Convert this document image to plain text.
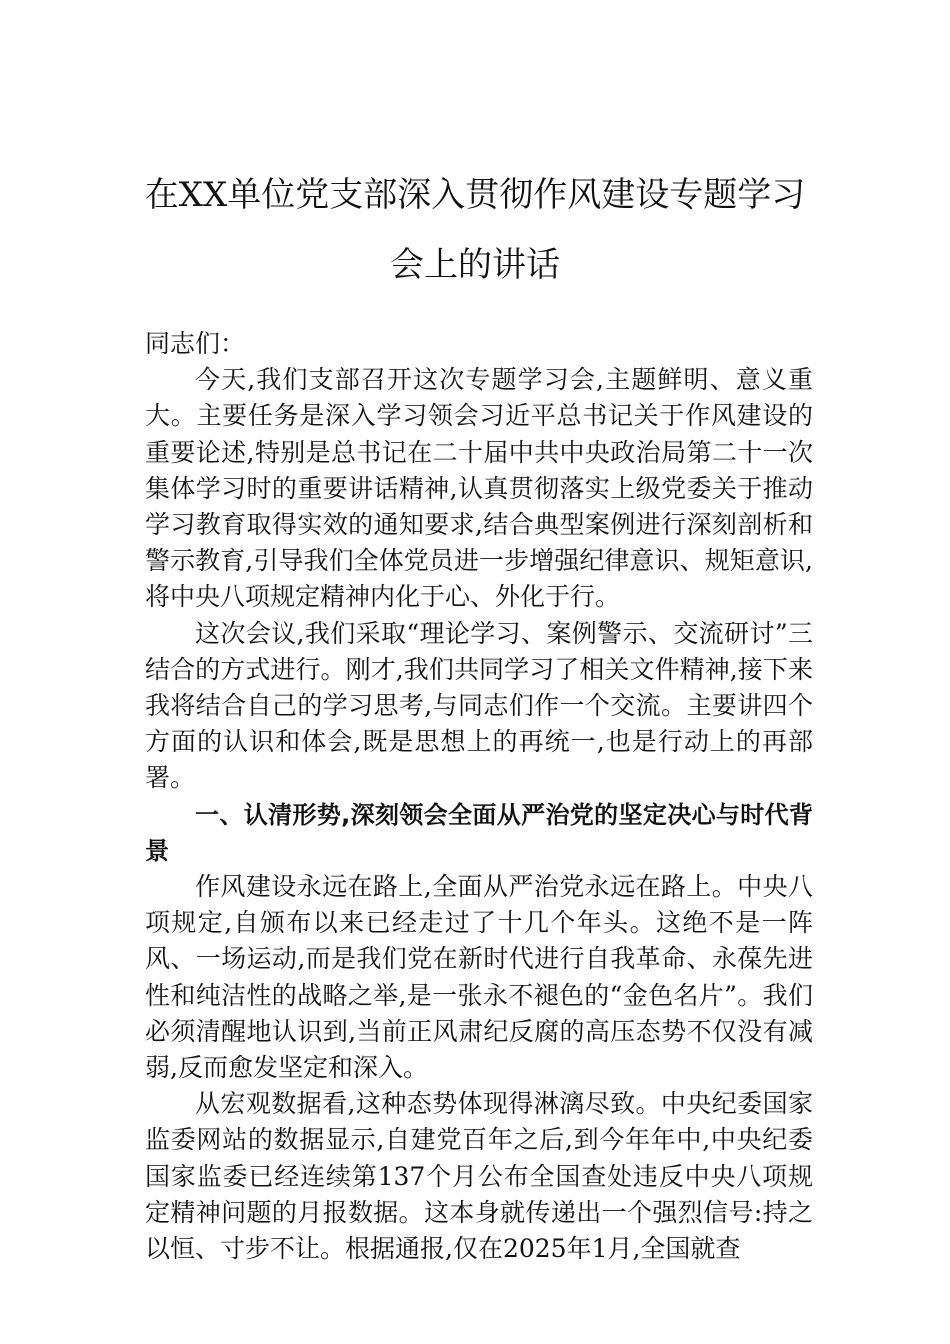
在XX单位党支部深入贯彻作风建设专题学习会上的讲话

同志们：

今天,我们支部召开这次专题学习会,主题鲜明、意义重大。主要任务是深入学习领会习近平总书记关于作风建设的重要论述,特别是总书记在二十届中共中央政治局第二十一次集体学习时的重要讲话精神,认真贯彻落实上级党委关于推动学习教育取得实效的通知要求,结合典型案例进行深刻剖析和警示教育,引导我们全体党员进一步增强纪律意识、规矩意识,将中央八项规定精神内化于心、外化于行。

这次会议,我们采取“理论学习、案例警示、交流研讨”三结合的方式进行。刚才,我们共同学习了相关文件精神,接下来我将结合自己的学习思考,与同志们作一个交流。主要讲四个方面的认识和体会,既是思想上的再统一,也是行动上的再部署。

一、认清形势,深刻领会全面从严治党的坚定决心与时代背景

作风建设永远在路上,全面从严治党永远在路上。中央八项规定,自颁布以来已经走过了十几个年头。这绝不是一阵风、一场运动,而是我们党在新时代进行自我革命、永葆先进性和纯洁性的战略之举,是一张永不褪色的“金色名片”。我们必须清醒地认识到,当前正风肃纪反腐的高压态势不仅没有减弱,反而愈发坚定和深入。

从宏观数据看,这种态势体现得淋漓尽致。中央纪委国家监委网站的数据显示,自建党百年之后,到今年年中,中央纪委国家监委已经连续第137个月公布全国查处违反中央八项规定精神问题的月报数据。这本身就传递出一个强烈信号:持之以恒、寸步不让。根据通报,仅在2025年1月,全国就查
